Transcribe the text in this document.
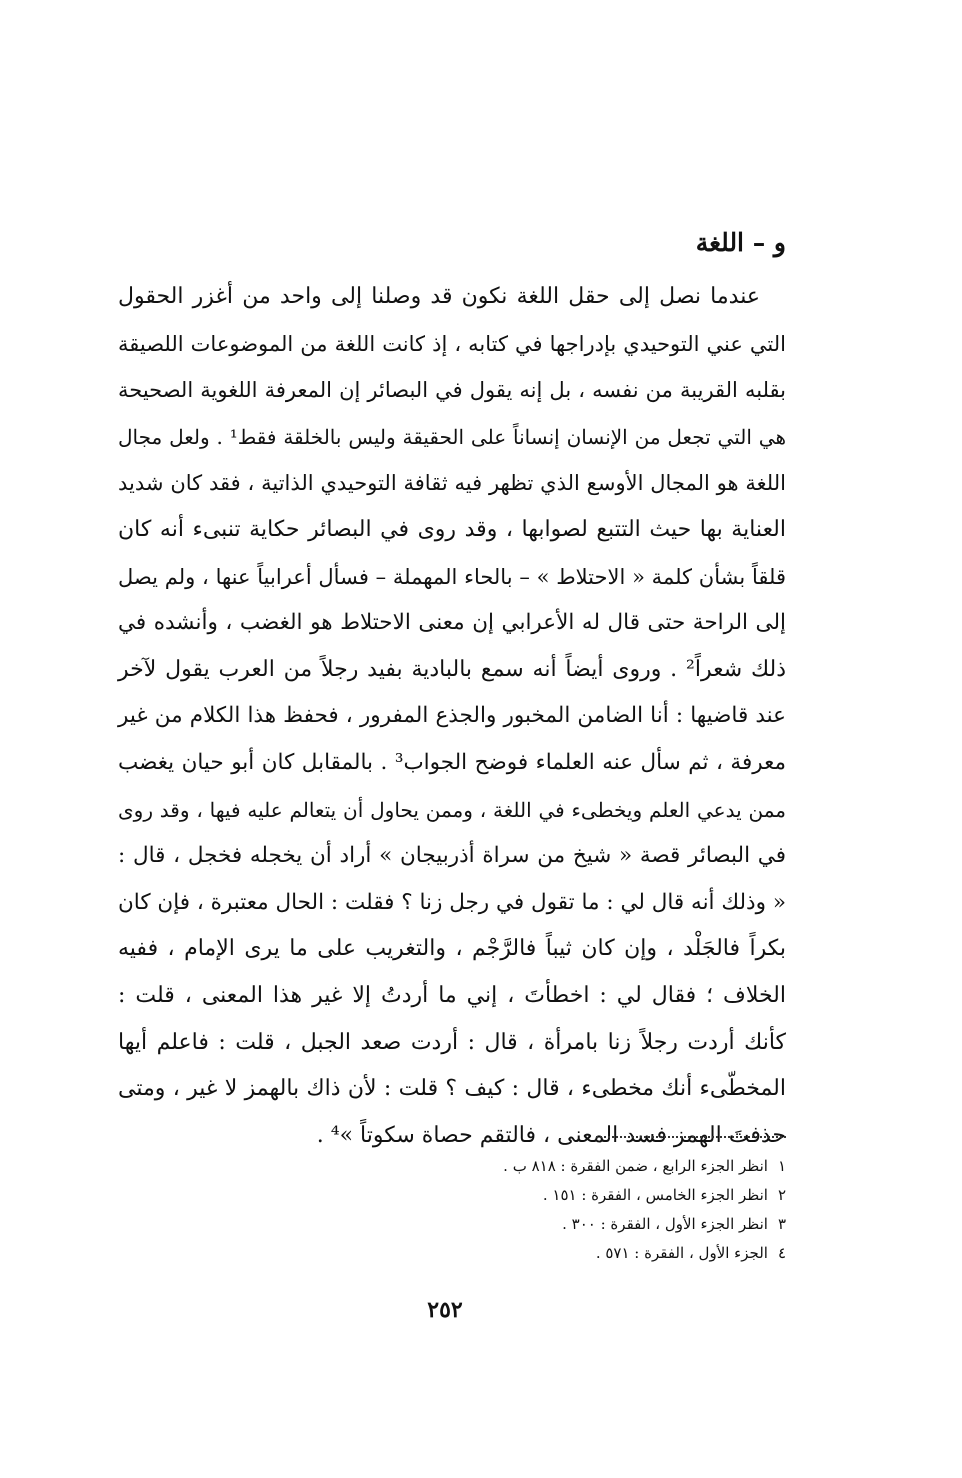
و – اللغة
عندما نصل إلى حقل اللغة نكون قد وصلنا إلى واحد من أغزر الحقول
التي عني التوحيدي بإدراجها في كتابه ، إذ كانت اللغة من الموضوعات اللصيقة
بقلبه القريبة من نفسه ، بل إنه يقول في البصائر إن المعرفة اللغوية الصحيحة
هي التي تجعل من الإنسان إنساناً على الحقيقة وليس بالخلقة فقط¹ . ولعل مجال
اللغة هو المجال الأوسع الذي تظهر فيه ثقافة التوحيدي الذاتية ، فقد كان شديد
العناية بها حيث التتبع لصوابها ، وقد روى في البصائر حكاية تنبىء أنه كان
قلقاً بشأن كلمة « الاحتلاط » – بالحاء المهملة – فسأل أعرابياً عنها ، ولم يصل
إلى الراحة حتى قال له الأعرابي إن معنى الاحتلاط هو الغضب ، وأنشده في
ذلك شعراً² . وروى أيضاً أنه سمع بالبادية بفيد رجلاً من العرب يقول لآخر
عند قاضيها : أنا الضامن المخبور والجذع المفرور ، فحفظ هذا الكلام من غير
معرفة ، ثم سأل عنه العلماء فوضح الجواب³ . بالمقابل كان أبو حيان يغضب
ممن يدعي العلم ويخطىء في اللغة ، وممن يحاول أن يتعالم عليه فيها ، وقد روى
في البصائر قصة « شيخ من سراة أذربيجان » أراد أن يخجله فخجل ، قال :
« وذلك أنه قال لي : ما تقول في رجل زنا ؟ فقلت : الحال معتبرة ، فإن كان
بكراً فالجَلْد ، وإن كان ثيباً فالرَّجْم ، والتغريب على ما يرى الإمام ، ففيه
الخلاف ؛ فقال لي : اخطأتَ ، إني ما أردتُ إلا غير هذا المعنى ، قلت :
كأنك أردت رجلاً زنا بامرأة ، قال : أردت صعد الجبل ، قلت : فاعلم أيها
المخطّىء أنك مخطىء ، قال : كيف ؟ قلت : لأن ذاك بالهمز لا غير ، ومتى
حذفتَ الهمز فسد المعنى ، فالتقم حصاة سكوتاً »⁴ .
١انظر الجزء الرابع ، ضمن الفقرة : ٨١٨ ب .
٢انظر الجزء الخامس ، الفقرة : ١٥١ .
٣انظر الجزء الأول ، الفقرة : ٣٠٠ .
٤الجزء الأول ، الفقرة : ٥٧١ .
٢٥٢
